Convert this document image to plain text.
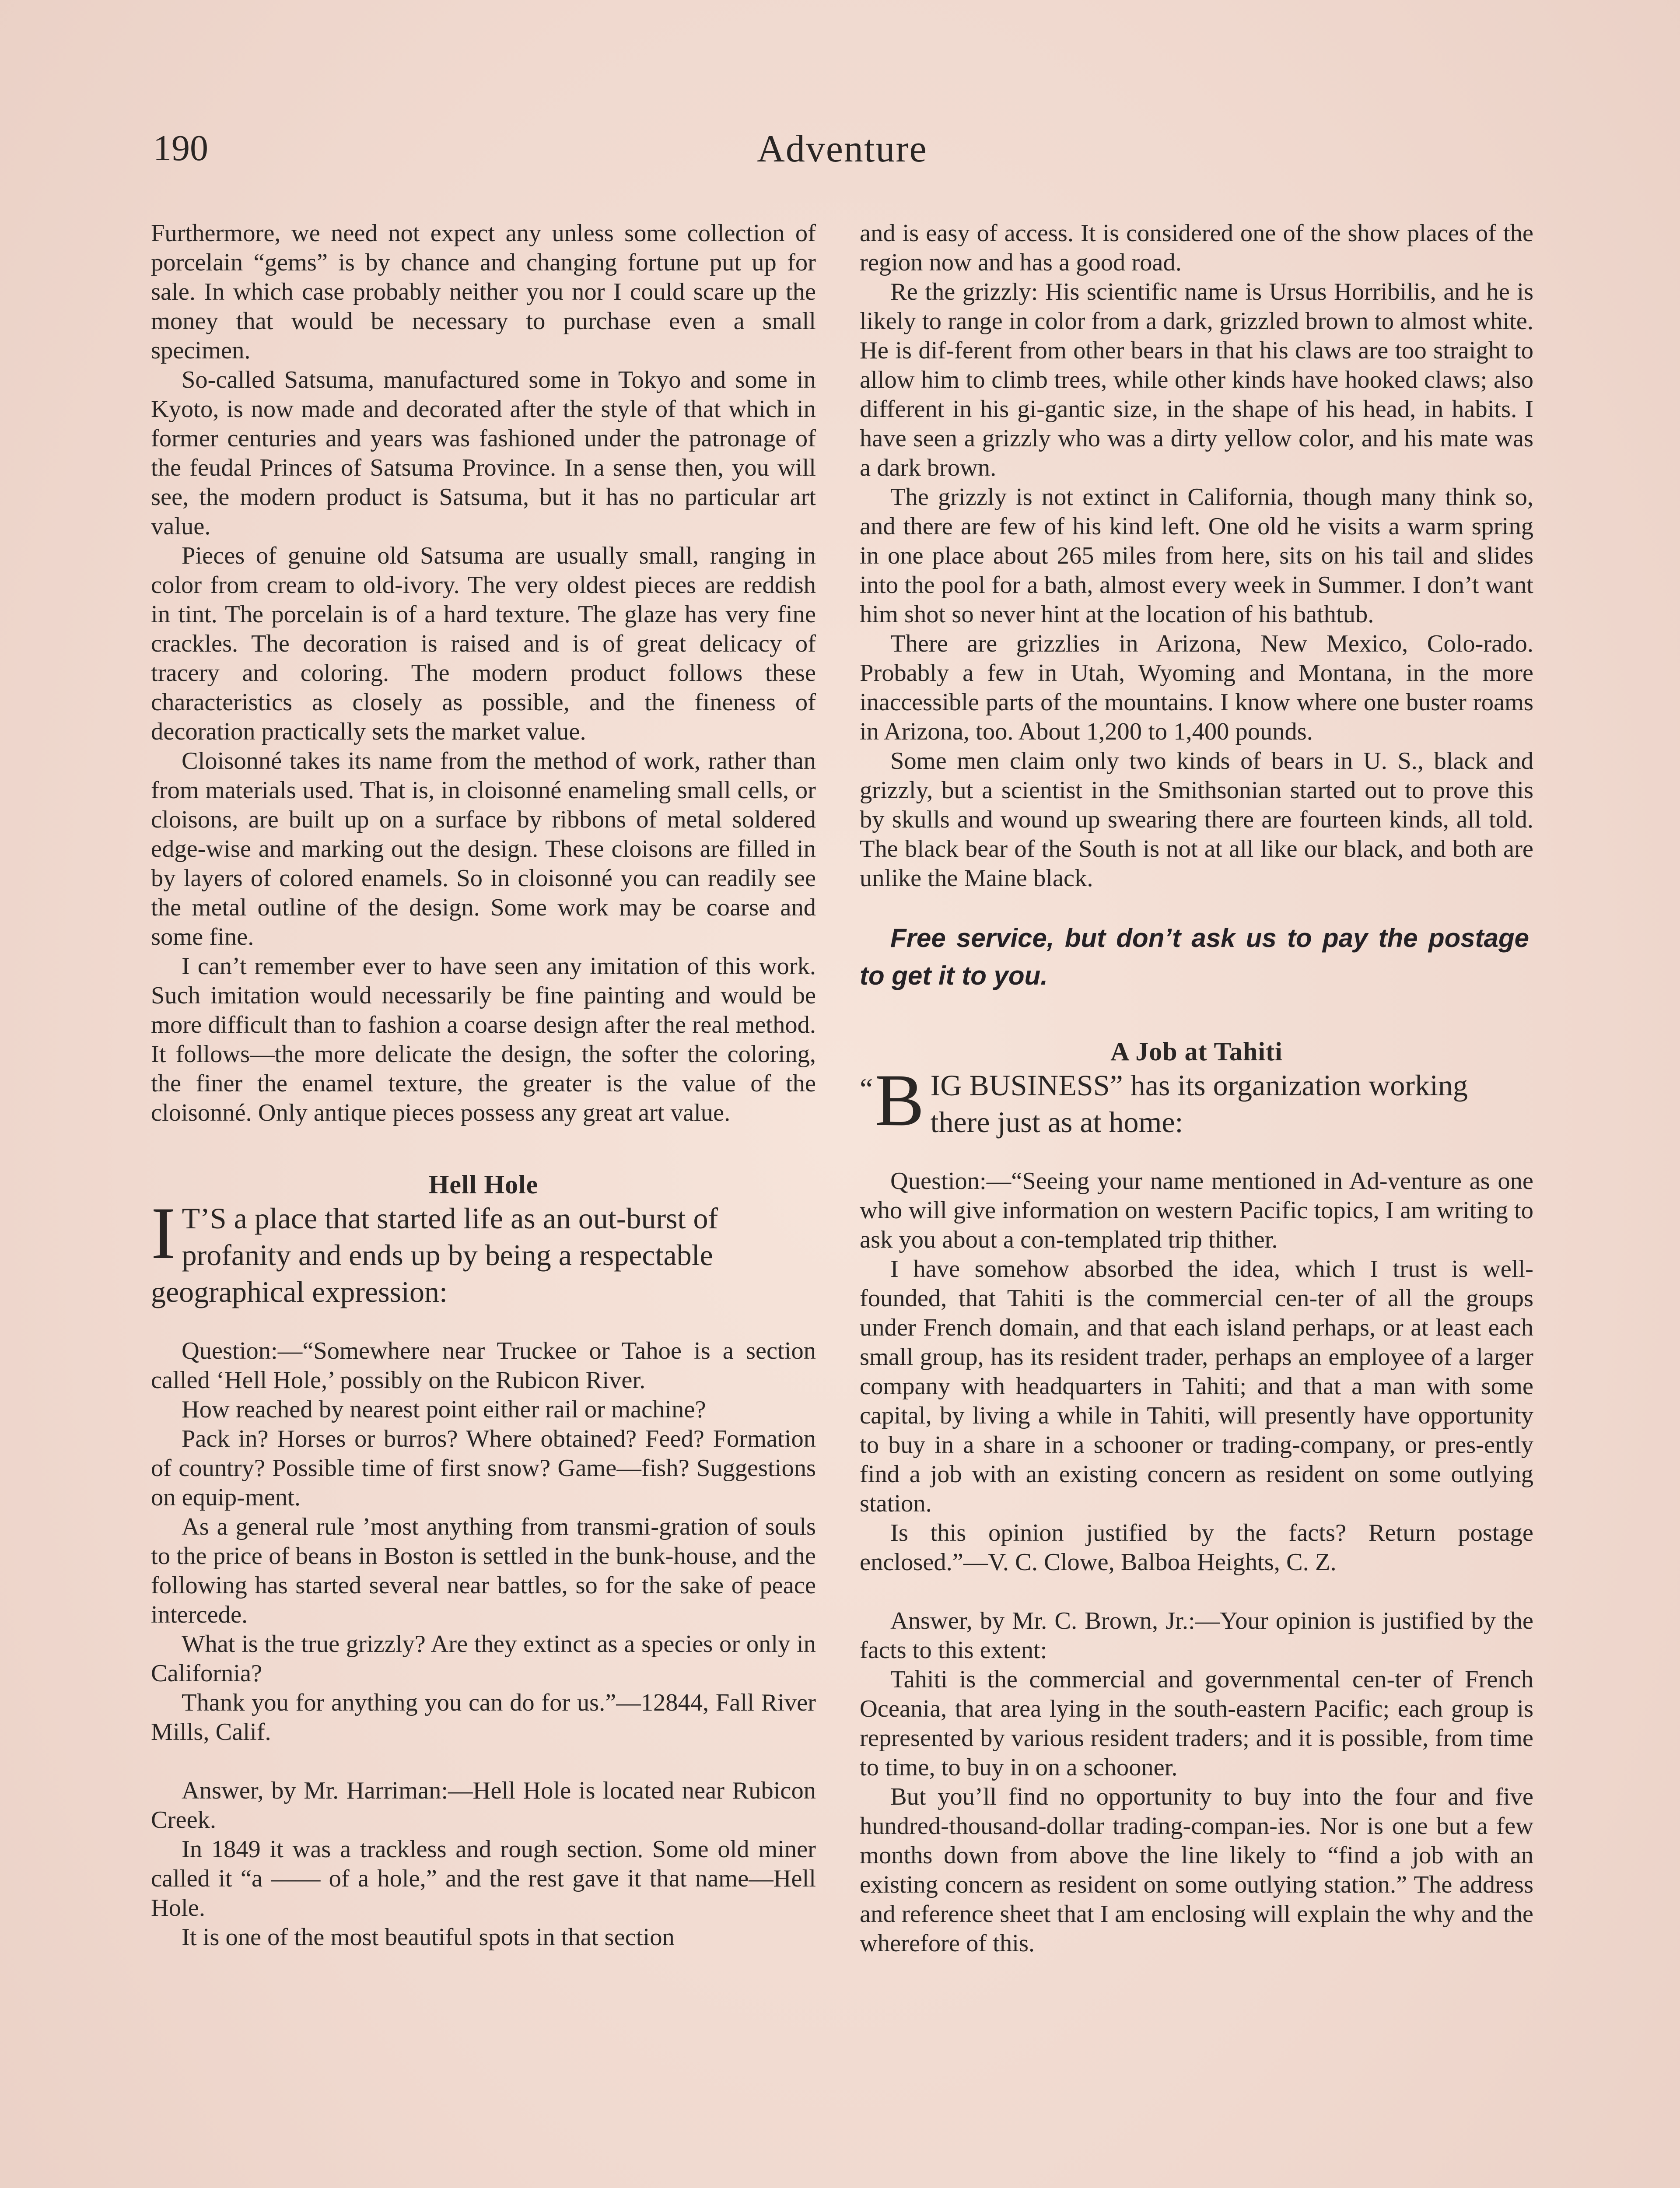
190	Adventure

Furthermore, we need not expect any unless some collection of porcelain “gems” is by chance and changing fortune put up for sale. In which case probably neither you nor I could scare up the money that would be necessary to purchase even a small specimen.

So-called Satsuma, manufactured some in Tokyo and some in Kyoto, is now made and decorated after the style of that which in former centuries and years was fashioned under the patronage of the feudal Princes of Satsuma Province. In a sense then, you will see, the modern product is Satsuma, but it has no particular art value.

Pieces of genuine old Satsuma are usually small, ranging in color from cream to old-ivory. The very oldest pieces are reddish in tint. The porcelain is of a hard texture. The glaze has very fine crackles. The decoration is raised and is of great delicacy of tracery and coloring. The modern product follows these characteristics as closely as possible, and the fineness of decoration practically sets the market value.

Cloisonné takes its name from the method of work, rather than from materials used. That is, in cloisonné enameling small cells, or cloisons, are built up on a surface by ribbons of metal soldered edge-wise and marking out the design. These cloisons are filled in by layers of colored enamels. So in cloisonné you can readily see the metal outline of the design. Some work may be coarse and some fine.

I can’t remember ever to have seen any imitation of this work. Such imitation would necessarily be fine painting and would be more difficult than to fashion a coarse design after the real method. It follows—the more delicate the design, the softer the coloring, the finer the enamel texture, the greater is the value of the cloisonné. Only antique pieces possess any great art value.

Hell Hole

I T’S a place that started life as an out-burst of profanity and ends up by being a respectable geographical expression:

Question:—“Somewhere near Truckee or Tahoe is a section called ‘Hell Hole,’ possibly on the Rubicon River.

How reached by nearest point either rail or machine?

Pack in? Horses or burros? Where obtained? Feed? Formation of country? Possible time of first snow? Game—fish? Suggestions on equip-ment.

As a general rule ’most anything from transmi-gration of souls to the price of beans in Boston is settled in the bunk-house, and the following has started several near battles, so for the sake of peace intercede.

What is the true grizzly? Are they extinct as a species or only in California?

Thank you for anything you can do for us.”—12844, Fall River Mills, Calif.

Answer, by Mr. Harriman:—Hell Hole is located near Rubicon Creek.

In 1849 it was a trackless and rough section. Some old miner called it “a —— of a hole,” and the rest gave it that name—Hell Hole.

It is one of the most beautiful spots in that section

and is easy of access. It is considered one of the show places of the region now and has a good road.

Re the grizzly: His scientific name is Ursus Horribilis, and he is likely to range in color from a dark, grizzled brown to almost white. He is dif-ferent from other bears in that his claws are too straight to allow him to climb trees, while other kinds have hooked claws; also different in his gi-gantic size, in the shape of his head, in habits. I have seen a grizzly who was a dirty yellow color, and his mate was a dark brown.

The grizzly is not extinct in California, though many think so, and there are few of his kind left. One old he visits a warm spring in one place about 265 miles from here, sits on his tail and slides into the pool for a bath, almost every week in Summer. I don’t want him shot so never hint at the location of his bathtub.

There are grizzlies in Arizona, New Mexico, Colo-rado. Probably a few in Utah, Wyoming and Montana, in the more inaccessible parts of the mountains. I know where one buster roams in Arizona, too. About 1,200 to 1,400 pounds.

Some men claim only two kinds of bears in U. S., black and grizzly, but a scientist in the Smithsonian started out to prove this by skulls and wound up swearing there are fourteen kinds, all told. The black bear of the South is not at all like our black, and both are unlike the Maine black.

Free service, but don’t ask us to pay the postage to get it to you.

A Job at Tahiti

“ B IG BUSINESS” has its organization working there just as at home:

Question:—“Seeing your name mentioned in Ad-venture as one who will give information on western Pacific topics, I am writing to ask you about a con-templated trip thither.

I have somehow absorbed the idea, which I trust is well-founded, that Tahiti is the commercial cen-ter of all the groups under French domain, and that each island perhaps, or at least each small group, has its resident trader, perhaps an employee of a larger company with headquarters in Tahiti; and that a man with some capital, by living a while in Tahiti, will presently have opportunity to buy in a share in a schooner or trading-company, or pres-ently find a job with an existing concern as resident on some outlying station.

Is this opinion justified by the facts? Return postage enclosed.”—V. C. Clowe, Balboa Heights, C. Z.

Answer, by Mr. C. Brown, Jr.:—Your opinion is justified by the facts to this extent:

Tahiti is the commercial and governmental cen-ter of French Oceania, that area lying in the south-eastern Pacific; each group is represented by various resident traders; and it is possible, from time to time, to buy in on a schooner.

But you’ll find no opportunity to buy into the four and five hundred-thousand-dollar trading-compan-ies. Nor is one but a few months down from above the line likely to “find a job with an existing concern as resident on some outlying station.” The address and reference sheet that I am enclosing will explain the why and the wherefore of this.
